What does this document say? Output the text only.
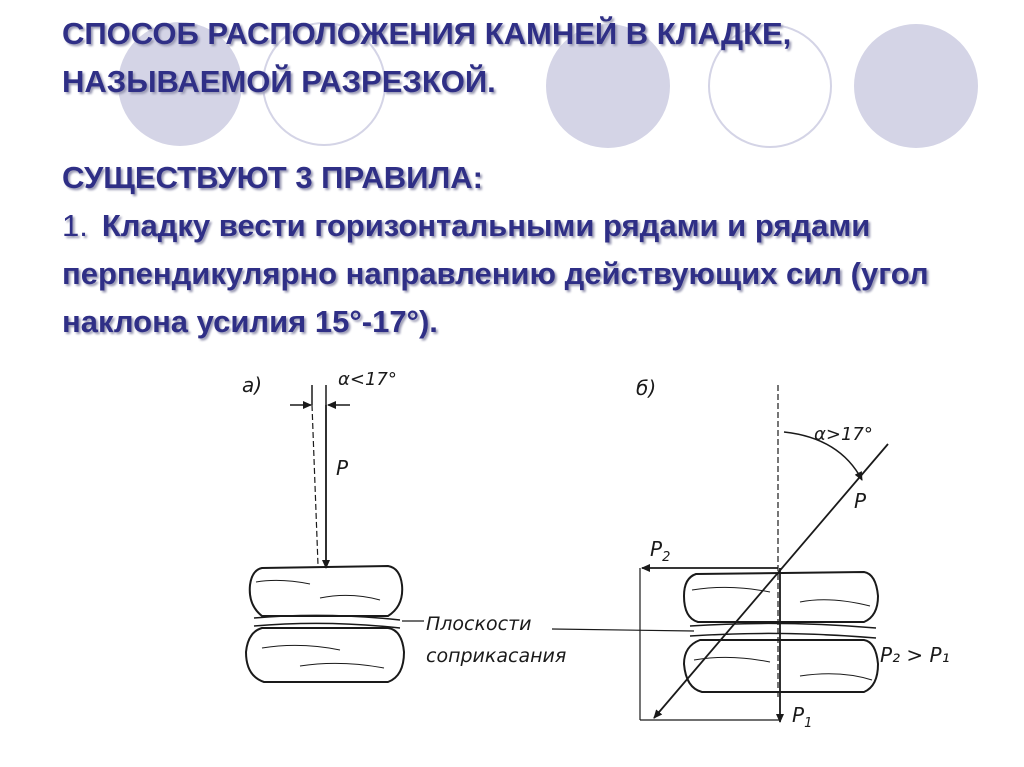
СПОСОБ РАСПОЛОЖЕНИЯ КАМНЕЙ В КЛАДКЕ,

НАЗЫВАЕМОЙ РАЗРЕЗКОЙ.

СУЩЕСТВУЮТ 3 ПРАВИЛА:

1. Кладку вести горизонтальными рядами и рядами перпендикулярно направлению действующих сил (угол наклона усилия 15°-17°).

а)	α<17°
P
Плоскости
соприкасания
б)
α>17°
P
$P_2$
$P_1$
P₂ > P₁
